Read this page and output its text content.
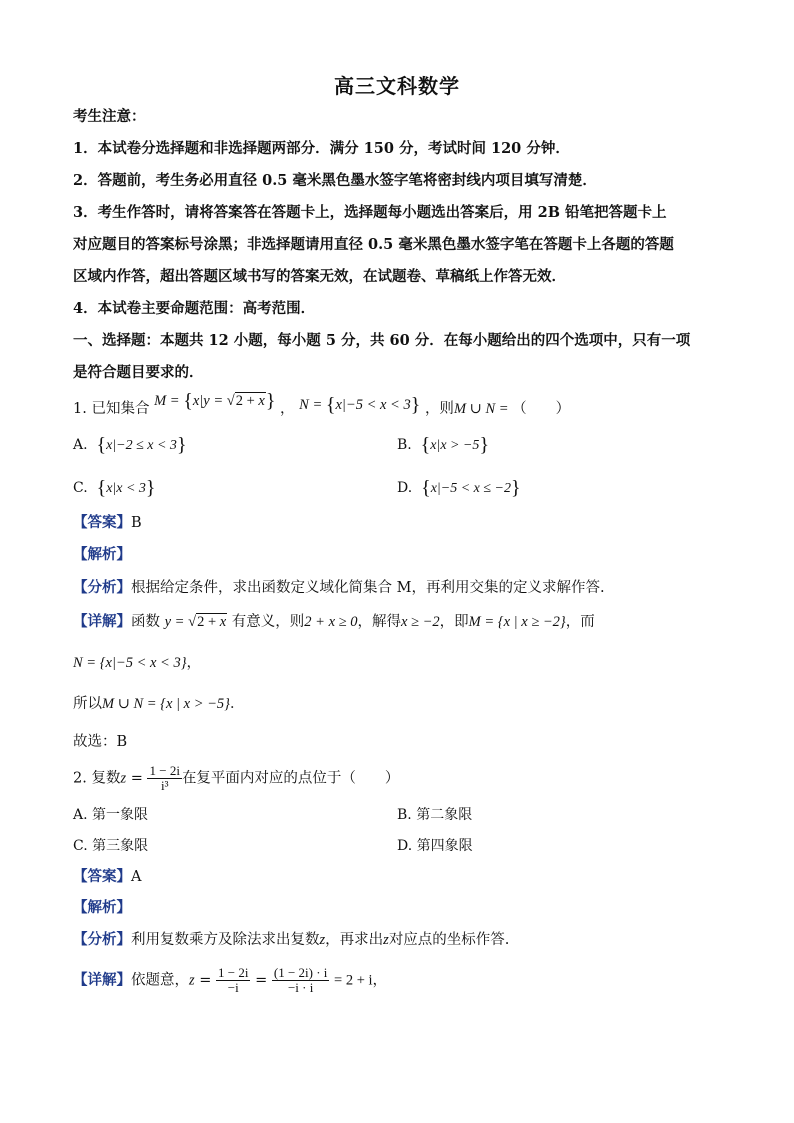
高三文科数学
考生注意：
1．本试卷分选择题和非选择题两部分．满分 150 分，考试时间 120 分钟．
2．答题前，考生务必用直径 0.5 毫米黑色墨水签字笔将密封线内项目填写清楚．
3．考生作答时，请将答案答在答题卡上，选择题每小题选出答案后，用 2B 铅笔把答题卡上
对应题目的答案标号涂黑；非选择题请用直径 0.5 毫米黑色墨水签字笔在答题卡上各题的答题
区域内作答，超出答题区域书写的答案无效，在试题卷、草稿纸上作答无效．
4．本试卷主要命题范围：高考范围．
一、选择题：本题共 12 小题，每小题 5 分，共 60 分．在每小题给出的四个选项中，只有一项
是符合题目要求的．
1. 已知集合 M = {x|y = √2 + x} ， N = {x|−5 < x < 3} ，则M ∪ N = （　　）
A. {x|−2 ≤ x < 3}	B. {x|x > −5}
C. {x|x < 3}	D. {x|−5 < x ≤ −2}
【答案】B
【解析】
【分析】根据给定条件，求出函数定义域化简集合 M，再利用交集的定义求解作答.
【详解】函数 y = √2 + x 有意义，则2 + x ≥ 0，解得x ≥ −2，即M = {x | x ≥ −2}，而
N = {x|−5 < x < 3}，
所以M ∪ N = {x | x > −5}．
故选：B
2. 复数$z = \frac{1 - 2i}{\text{i³}}$ 在复平面内对应的点位于（　　）
A. 第一象限	B. 第二象限
C. 第三象限	D. 第四象限
【答案】A
【解析】
【分析】利用复数乘方及除法求出复数z，再求出z对应点的坐标作答.
【详解】依题意，$z = \frac{1 - 2i}{-i} = \frac{(1 - 2i) \cdot i}{-i \cdot i} = 2 + i$，
